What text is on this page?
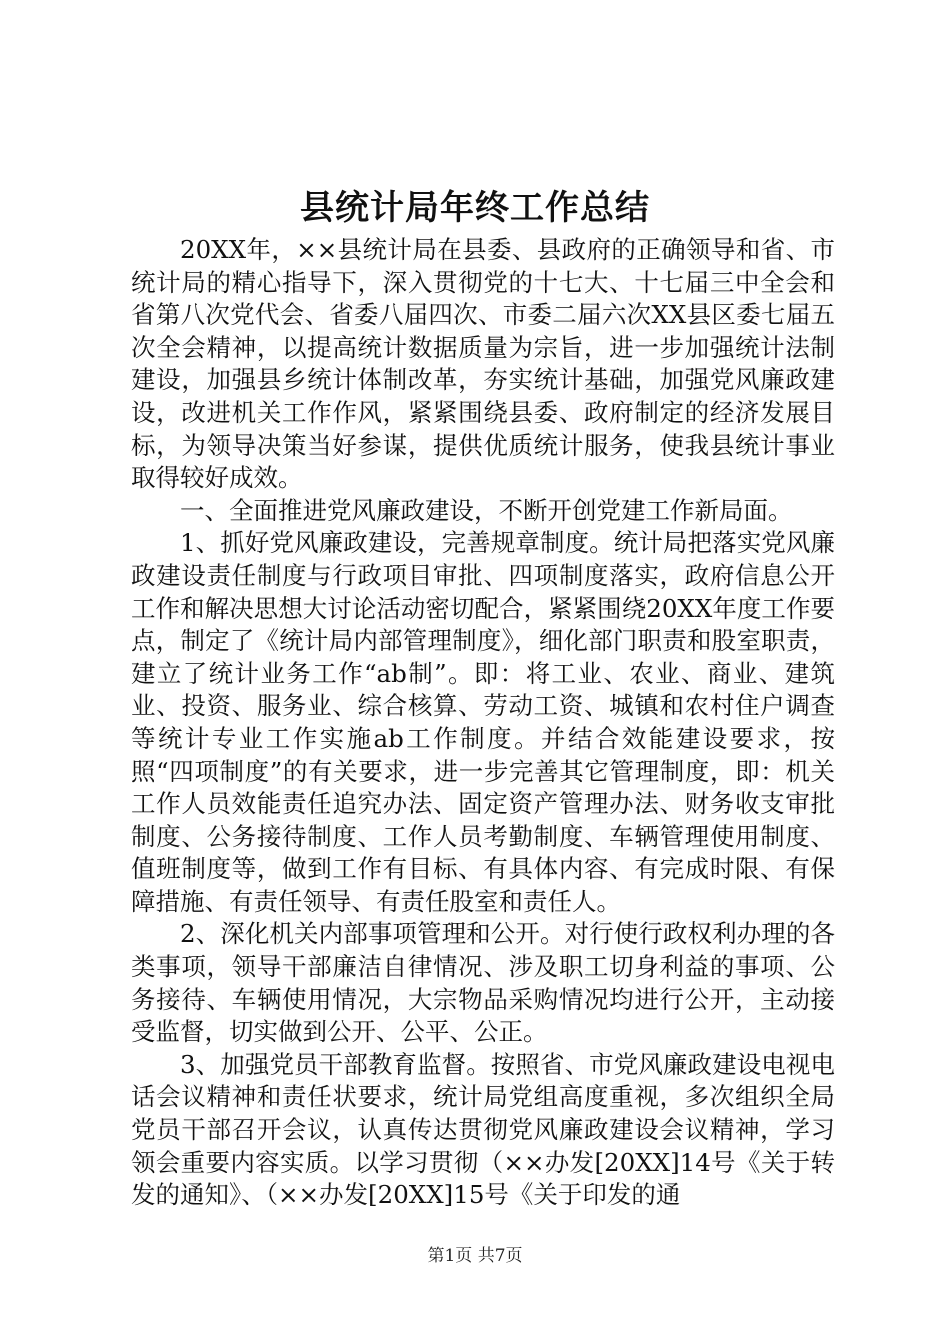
县统计局年终工作总结

20XX年，××县统计局在县委、县政府的正确领导和省、市统计局的精心指导下，深入贯彻党的十七大、十七届三中全会和省第八次党代会、省委八届四次、市委二届六次XX县区委七届五次全会精神，以提高统计数据质量为宗旨，进一步加强统计法制建设，加强县乡统计体制改革，夯实统计基础，加强党风廉政建设，改进机关工作作风，紧紧围绕县委、政府制定的经济发展目标，为领导决策当好参谋，提供优质统计服务，使我县统计事业取得较好成效。

一、全面推进党风廉政建设，不断开创党建工作新局面。

1、抓好党风廉政建设，完善规章制度。统计局把落实党风廉政建设责任制度与行政项目审批、四项制度落实，政府信息公开工作和解决思想大讨论活动密切配合，紧紧围绕20XX年度工作要点，制定了《统计局内部管理制度》，细化部门职责和股室职责，建立了统计业务工作“ab制”。即：将工业、农业、商业、建筑业、投资、服务业、综合核算、劳动工资、城镇和农村住户调查等统计专业工作实施ab工作制度。并结合效能建设要求，按照“四项制度”的有关要求，进一步完善其它管理制度，即：机关工作人员效能责任追究办法、固定资产管理办法、财务收支审批制度、公务接待制度、工作人员考勤制度、车辆管理使用制度、值班制度等，做到工作有目标、有具体内容、有完成时限、有保障措施、有责任领导、有责任股室和责任人。

2、深化机关内部事项管理和公开。对行使行政权利办理的各类事项，领导干部廉洁自律情况、涉及职工切身利益的事项、公务接待、车辆使用情况，大宗物品采购情况均进行公开，主动接受监督，切实做到公开、公平、公正。

3、加强党员干部教育监督。按照省、市党风廉政建设电视电话会议精神和责任状要求，统计局党组高度重视，多次组织全局党员干部召开会议，认真传达贯彻党风廉政建设会议精神，学习领会重要内容实质。以学习贯彻（××办发[20XX]14号《关于转发的通知》、（××办发[20XX]15号《关于印发的通

第1页 共7页
